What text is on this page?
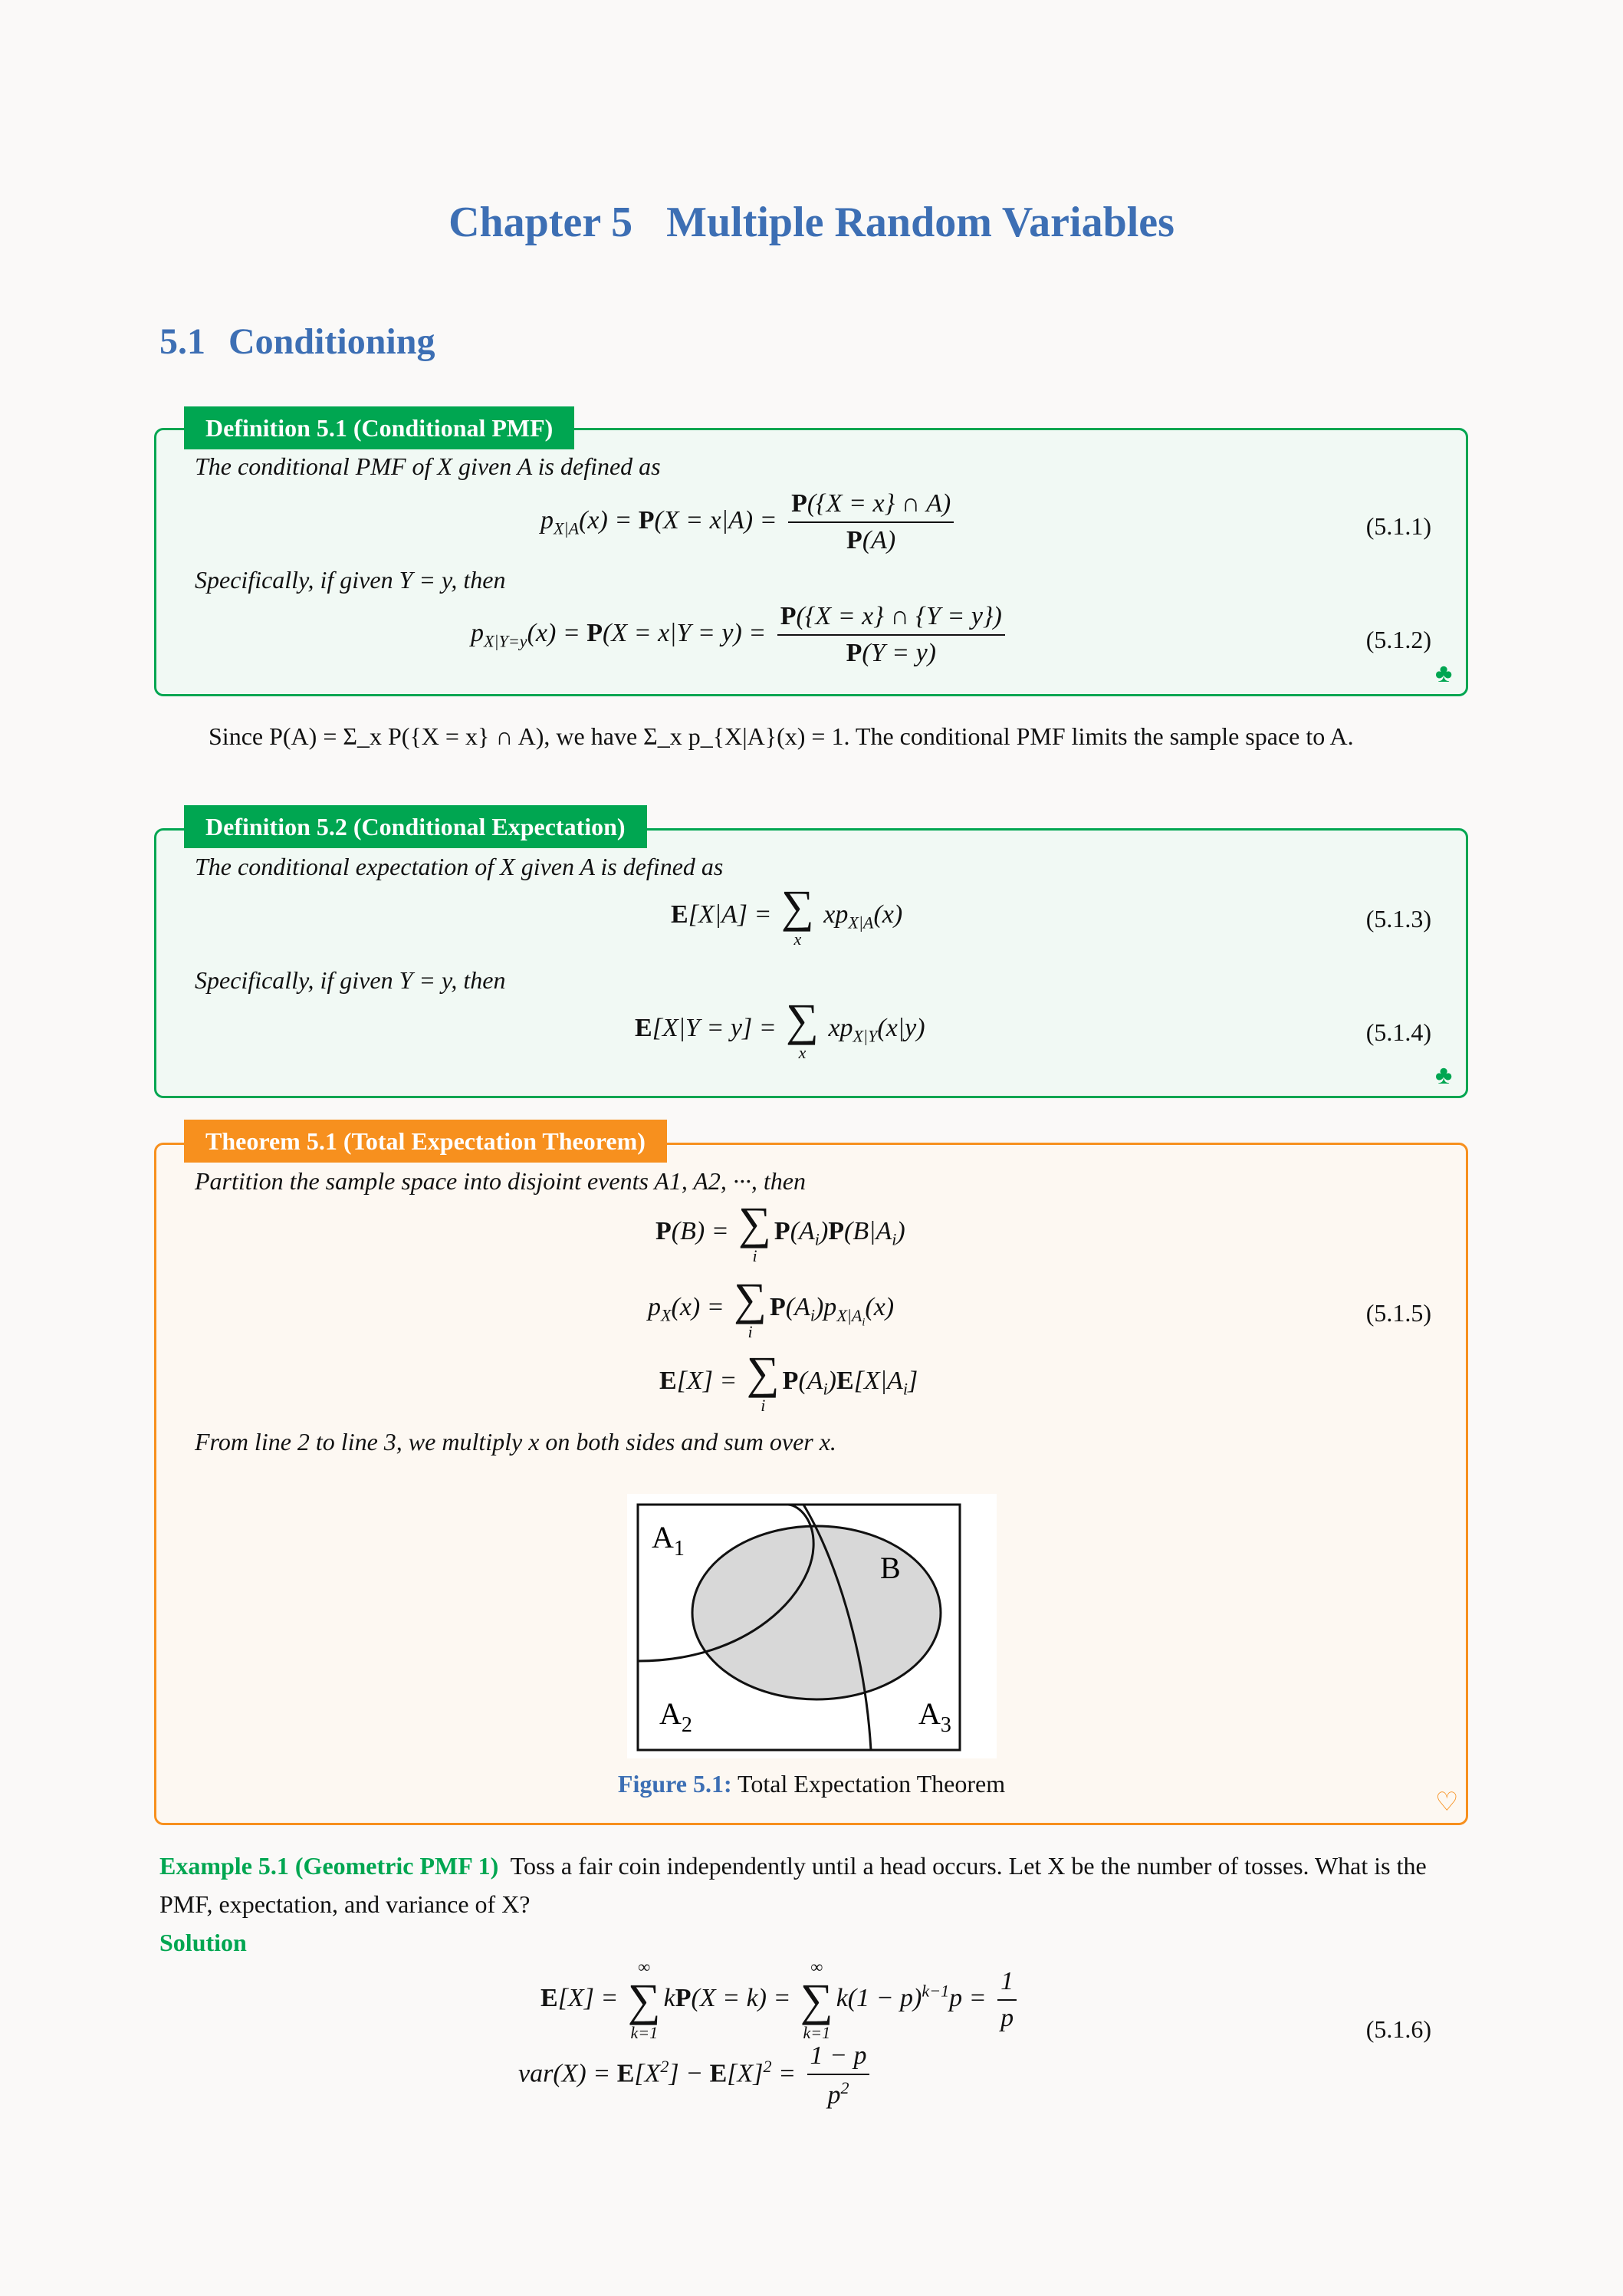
Chapter 5 Multiple Random Variables
5.1 Conditioning
Definition 5.1 (Conditional PMF)
The conditional PMF of X given A is defined as
$p_{X|A}(x) = P(X = x|A) = \frac{P(\{X = x\} \cap A)}{P(A)}$	(5.1.1)
Specifically, if given Y = y, then
$p_{X|Y=y}(x) = P(X = x|Y = y) = \frac{P(\{X = x\} \cap \{Y = y\})}{P(Y = y)}$	(5.1.2)
♣
Since P(A) = Σ_x P({X = x} ∩ A), we have Σ_x p_{X|A}(x) = 1. The conditional PMF limits the sample space to A.
Definition 5.2 (Conditional Expectation)
The conditional expectation of X given A is defined as
E[X|A] = ∑
x
$xp_{X|A}(x)$	(5.1.3)
Specifically, if given Y = y, then
E[X|Y = y] = ∑
x
$xp_{X|Y}(x|y)$	(5.1.4)
♣
Theorem 5.1 (Total Expectation Theorem)
Partition the sample space into disjoint events A1, A2, ···, then
P(B) = ∑
i
$P(A_i)P(B|A_i)$
$p_X(x)$ = ∑
i
$P(A_i)p_{X|A_i}(x)$	(5.1.5)
E[X] = ∑
i
$P(A_i)E[X|A_i]$
From line 2 to line 3, we multiply x on both sides and sum over x.
$A_1$
B
$A_2$	$A_3$
Figure 5.1: Total Expectation Theorem
♡
Example 5.1 (Geometric PMF 1) Toss a fair coin independently until a head occurs. Let X be the number of tosses. What is the PMF, expectation, and variance of X?
Solution
E[X] =
∞
∑
k=1
kP(X = k) =
∞
∑
k=1
$k(1 - p)^{k-1}p = \frac{1}{p}$	(5.1.6)
$var(X) = E[X^2] - E[X]^2 = \frac{1 - p}{p^2}$
